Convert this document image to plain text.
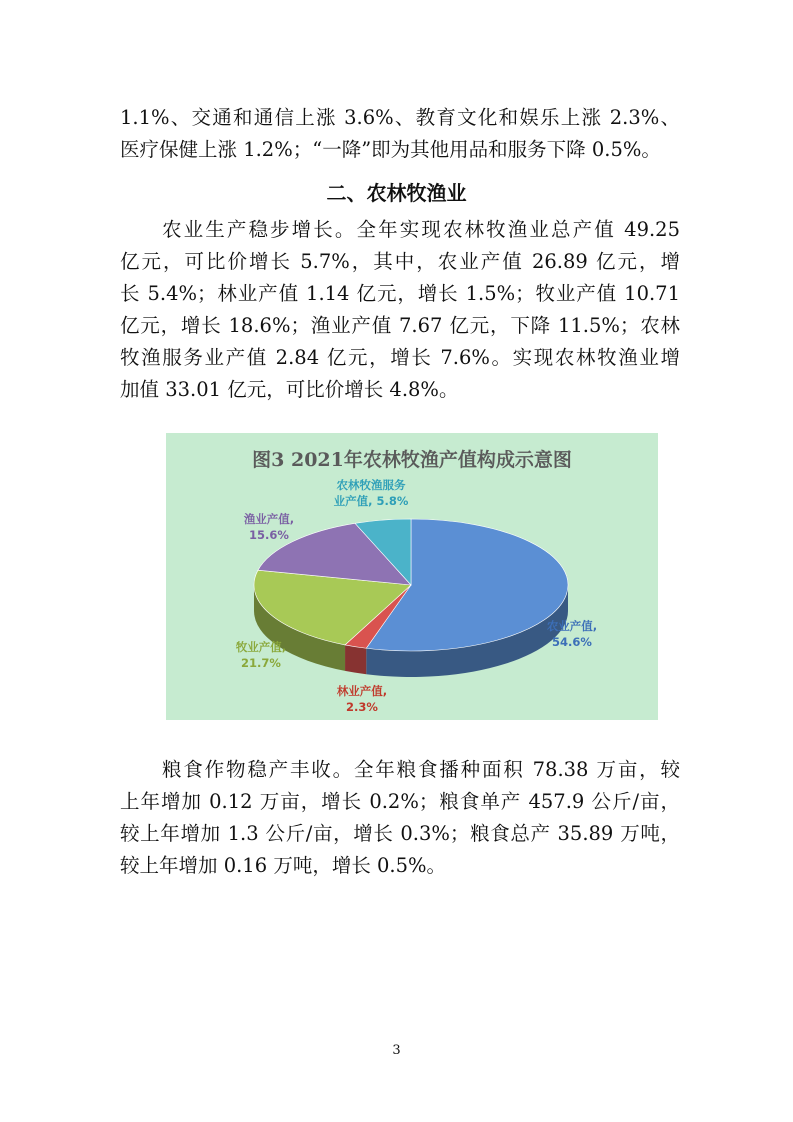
1.1%、交通和通信上涨 3.6%、教育文化和娱乐上涨 2.3%、
医疗保健上涨 1.2%；“一降”即为其他用品和服务下降 0.5%。
二、农林牧渔业
农业生产稳步增长。全年实现农林牧渔业总产值 49.25
亿元，可比价增长 5.7%，其中，农业产值 26.89 亿元，增
长 5.4%；林业产值 1.14 亿元，增长 1.5%；牧业产值 10.71
亿元，增长 18.6%；渔业产值 7.67 亿元，下降 11.5%；农林
牧渔服务业产值 2.84 亿元，增长 7.6%。实现农林牧渔业增
加值 33.01 亿元，可比价增长 4.8%。
图3 2021年农林牧渔产值构成示意图
农业产值, 54.6%
林业产值, 2.3%
牧业产值, 21.7%
渔业产值, 15.6%
农林牧渔服务业产值, 5.8%
粮食作物稳产丰收。全年粮食播种面积 78.38 万亩，较
上年增加 0.12 万亩，增长 0.2%；粮食单产 457.9 公斤/亩，
较上年增加 1.3 公斤/亩，增长 0.3%；粮食总产 35.89 万吨，
较上年增加 0.16 万吨，增长 0.5%。
3
